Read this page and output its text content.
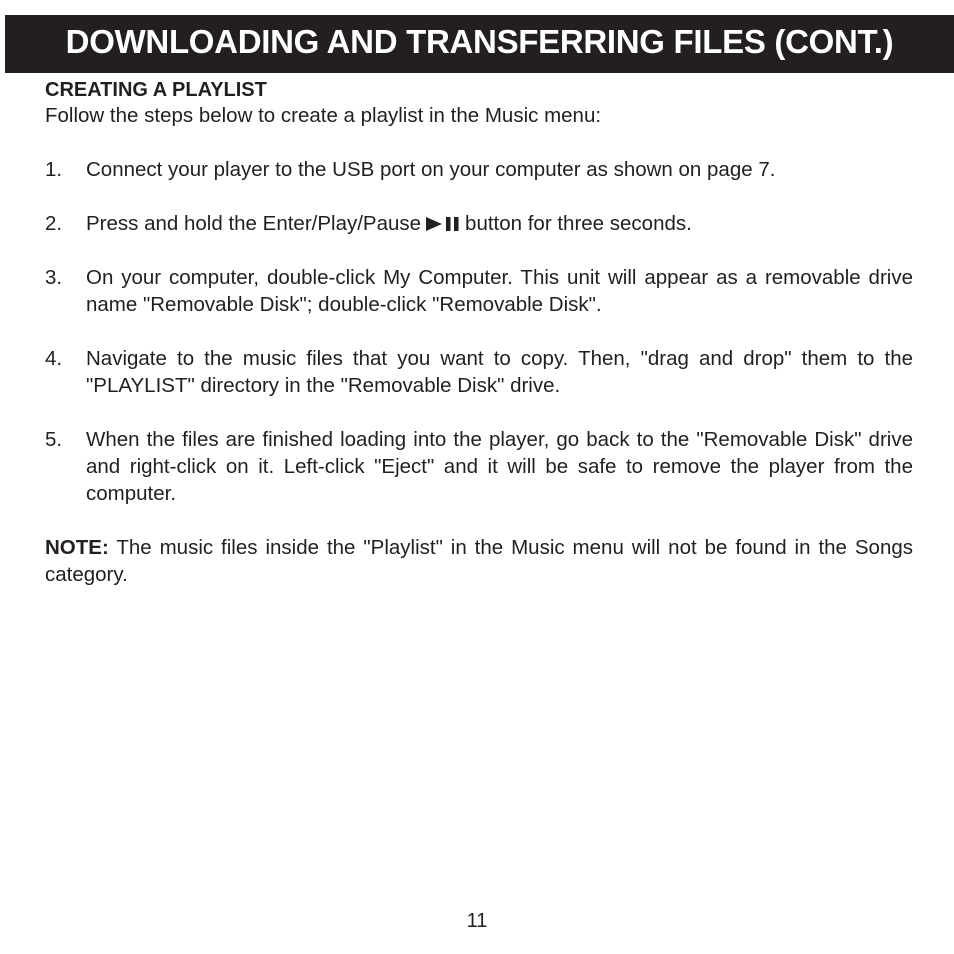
DOWNLOADING AND TRANSFERRING FILES (CONT.)
CREATING A PLAYLIST

Follow the steps below to create a playlist in the Music menu:

1.	Connect your player to the USB port on your computer as shown on page 7.
2.	Press and hold the Enter/Play/Pause button for three seconds.
3.	On your computer, double-click My Computer. This unit will appear as a removable drive name "Removable Disk"; double-click "Removable Disk".
4.	Navigate to the music files that you want to copy. Then, "drag and drop" them to the "PLAYLIST" directory in the "Removable Disk" drive.
5.	When the files are finished loading into the player, go back to the "Removable Disk" drive and right-click on it. Left-click "Eject" and it will be safe to remove the player from the computer.

NOTE: The music files inside the "Playlist" in the Music menu will not be found in the Songs category.

11
